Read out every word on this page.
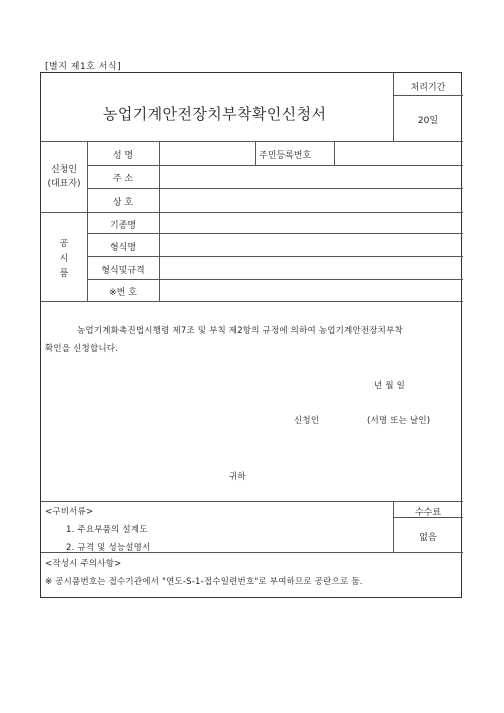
[별지 제1호 서식]
농업기계안전장치부착확인신청서
처리기간
20일
신청인
(대표자)
성 명	주민등록번호
주 소
상 호
공
시
품
기종명
형식명
형식및규격
※번 호
농업기계화촉진법시행령 제7조 및 부칙 제2항의 규정에 의하여 농업기계안전장치부착
확인을 신청합니다.
년 월 일
신청인	(서명 또는 날인)
귀하
<구비서류>
1. 주요부품의 설계도
2. 규격 및 성능설명서
수수료
없음
<작성시 주의사항>
※ 공시품번호는 접수기관에서 "연도-S-1-접수일련번호"로 부여하므로 공란으로 둠.
